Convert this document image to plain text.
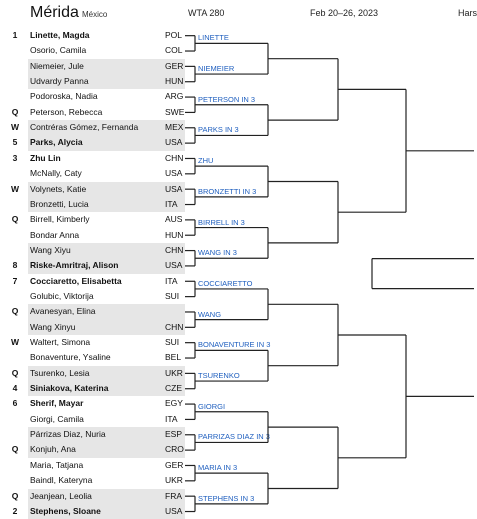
Mérida México	WTA 280	Feb 20–26, 2023	Hars
1	Linette, Magda	POL
Osorio, Camila	COL
Niemeier, Jule	GER
Udvardy Panna	HUN
Podoroska, Nadia	ARG
Q	Peterson, Rebecca	SWE
W	Contréras Gómez, Fernanda	MEX
5	Parks, Alycia	USA
3	Zhu Lin	CHN
McNally, Caty	USA
W	Volynets, Katie	USA
Bronzetti, Lucia	ITA
Q	Birrell, Kimberly	AUS
Bondar Anna	HUN
Wang Xiyu	CHN
8	Riske-Amritraj, Alison	USA
7	Cocciaretto, Elisabetta	ITA
Golubic, Viktorija	SUI
Q	Avanesyan, Elina
Wang Xinyu	CHN
W	Waltert, Simona	SUI
Bonaventure, Ysaline	BEL
Q	Tsurenko, Lesia	UKR
4	Siniakova, Katerina	CZE
6	Sherif, Mayar	EGY
Giorgi, Camila	ITA
Párrizas Diaz, Nuria	ESP
Q	Konjuh, Ana	CRO
Maria, Tatjana	GER
Baindl, Kateryna	UKR
Q	Jeanjean, Leolia	FRA
2	Stephens, Sloane	USA
LINETTE
NIEMEIER
PETERSON IN 3
PARKS IN 3
ZHU
BRONZETTI IN 3
BIRRELL IN 3
WANG IN 3
COCCIARETTO
WANG
BONAVENTURE IN 3
TSURENKO
GIORGI
PARRIZAS DIAZ IN 3
MARIA IN 3
STEPHENS IN 3
